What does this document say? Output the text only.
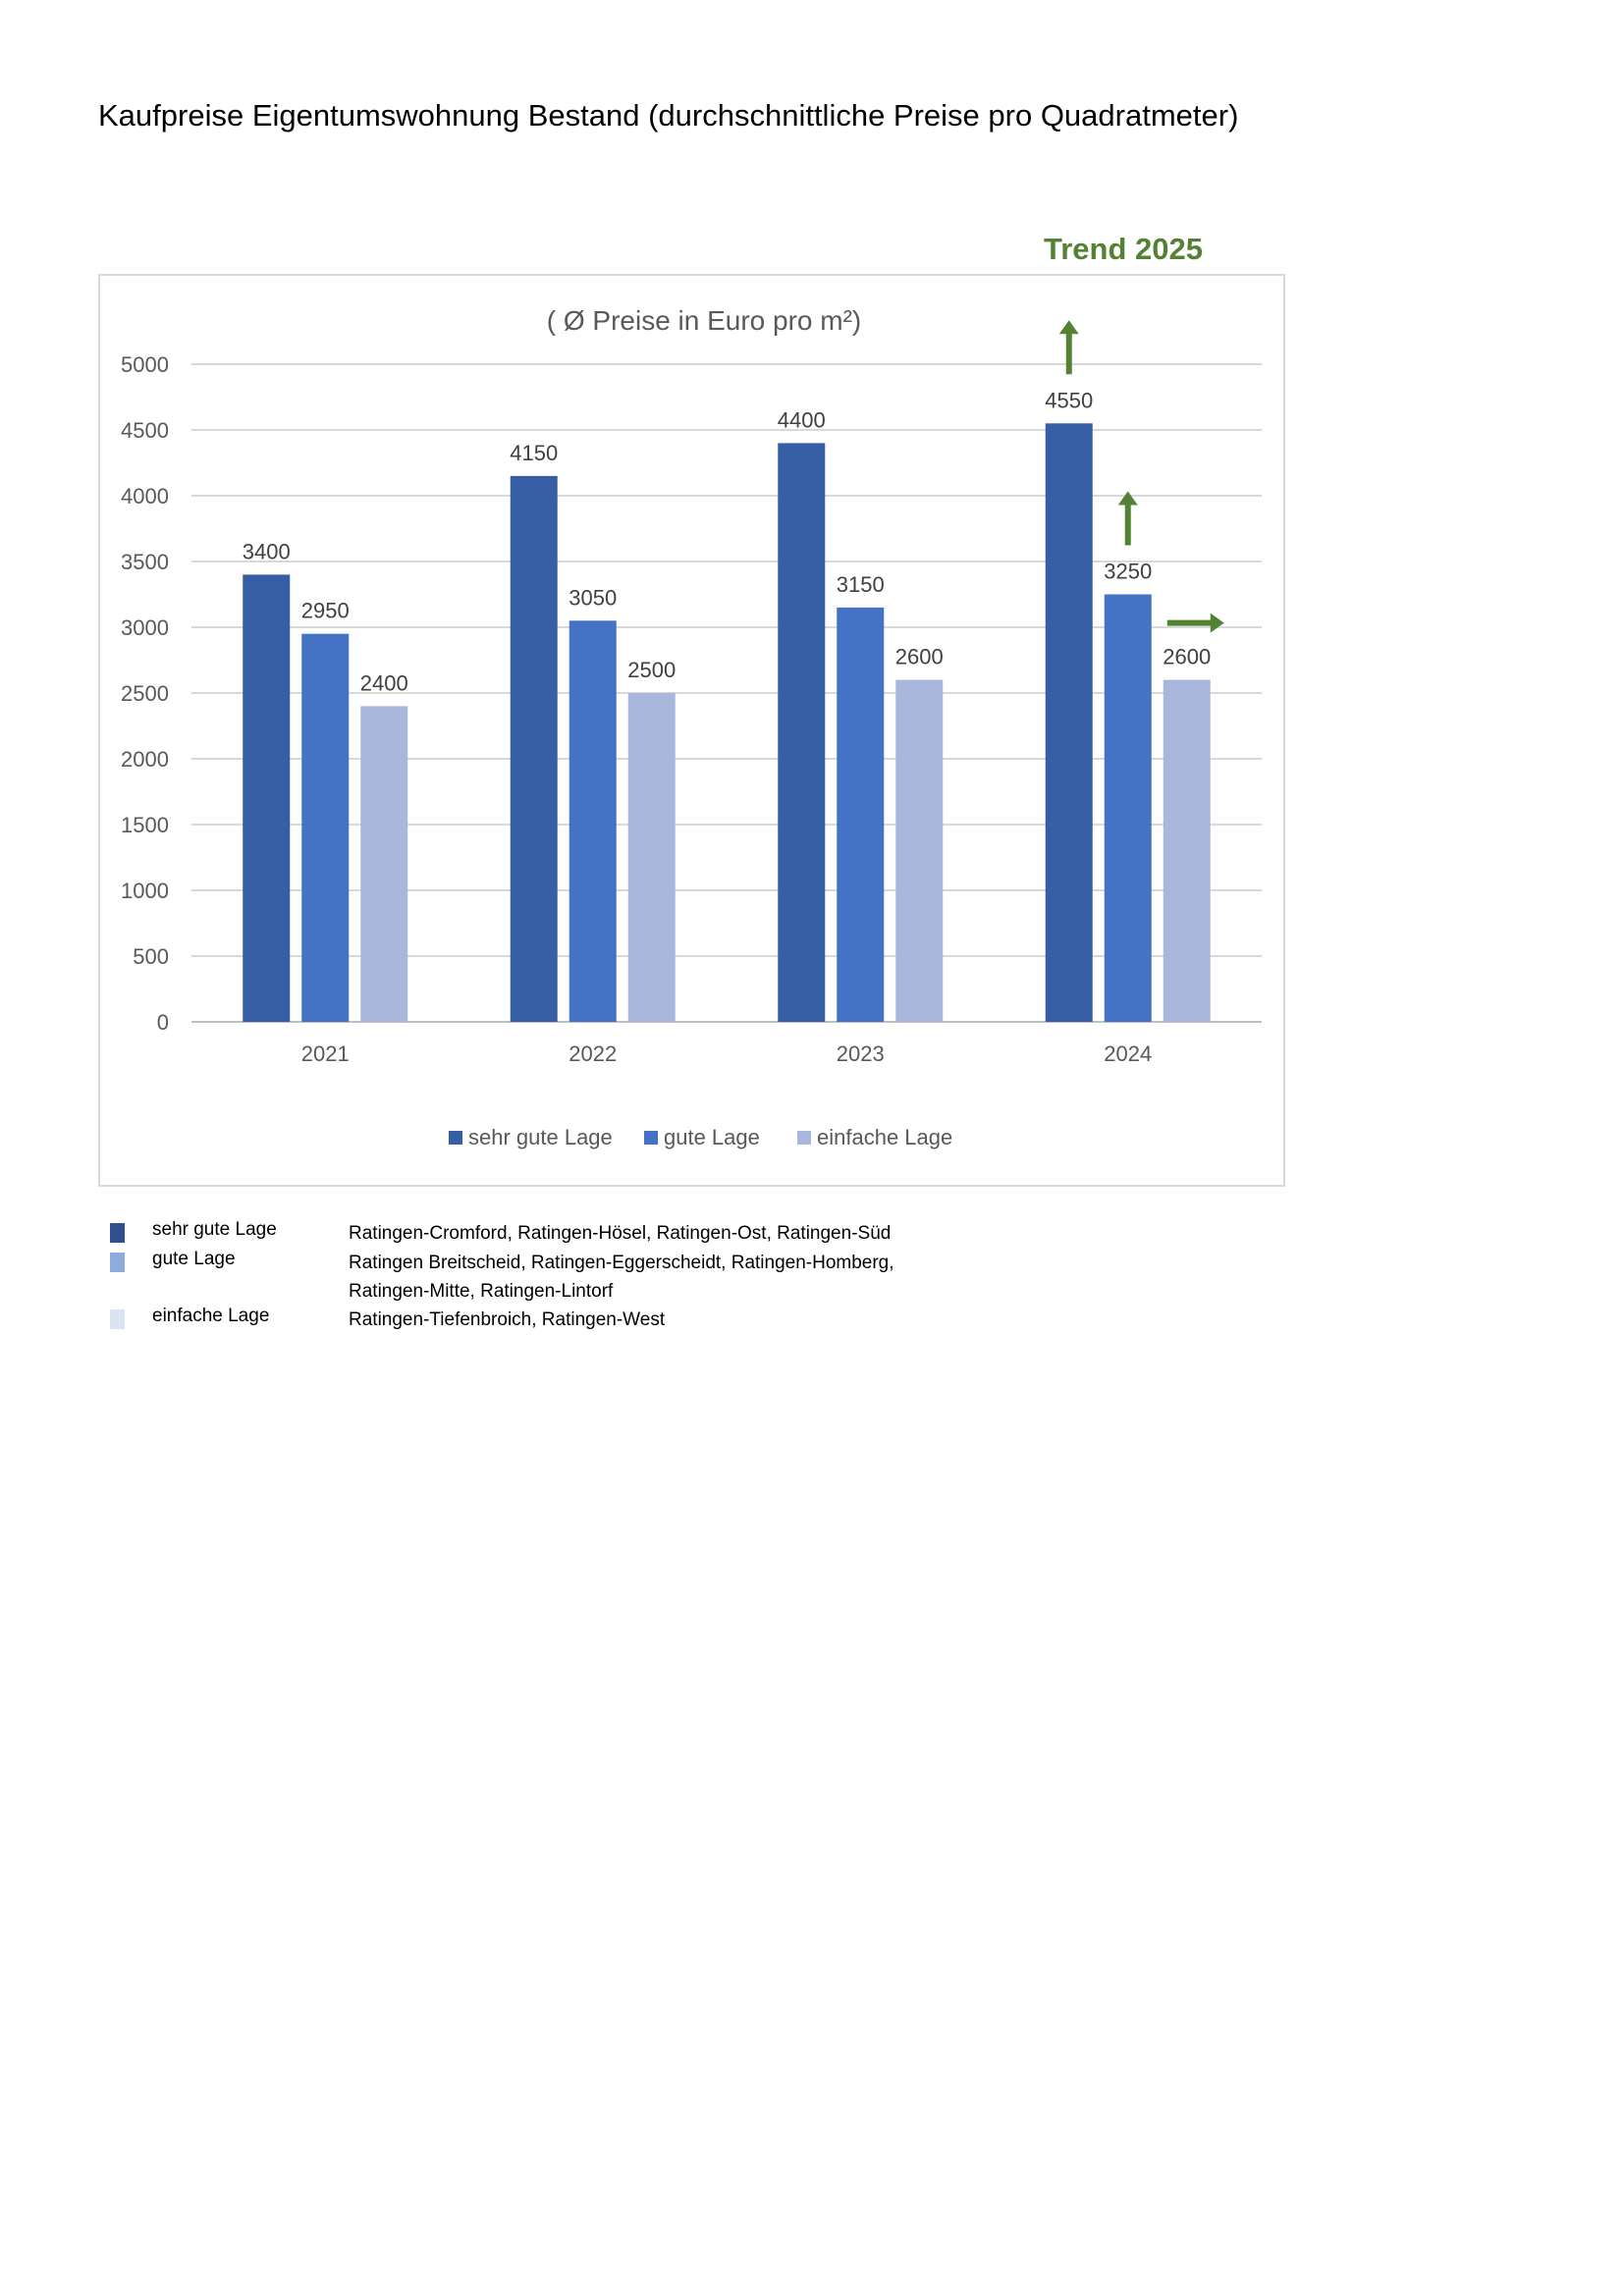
Kaufpreise Eigentumswohnung Bestand (durchschnittliche Preise pro Quadratmeter)
Trend 2025
( Ø Preise in Euro pro m²)
3400
2950
2400
4150
3050
2500
4400
3150
2600
4550
3250
2600
0
500
1000
1500
2000
2500
3000
3500
4000
4500
5000
2021	2022	2023	2024
sehr gute Lage gute Lage	einfache Lage
sehr gute Lage	Ratingen-Cromford, Ratingen-Hösel, Ratingen-Ost, Ratingen-Süd
gute Lage	Ratingen Breitscheid, Ratingen-Eggerscheidt, Ratingen-Homberg, Ratingen-Mitte, Ratingen-Lintorf
einfache Lage	Ratingen-Tiefenbroich, Ratingen-West
